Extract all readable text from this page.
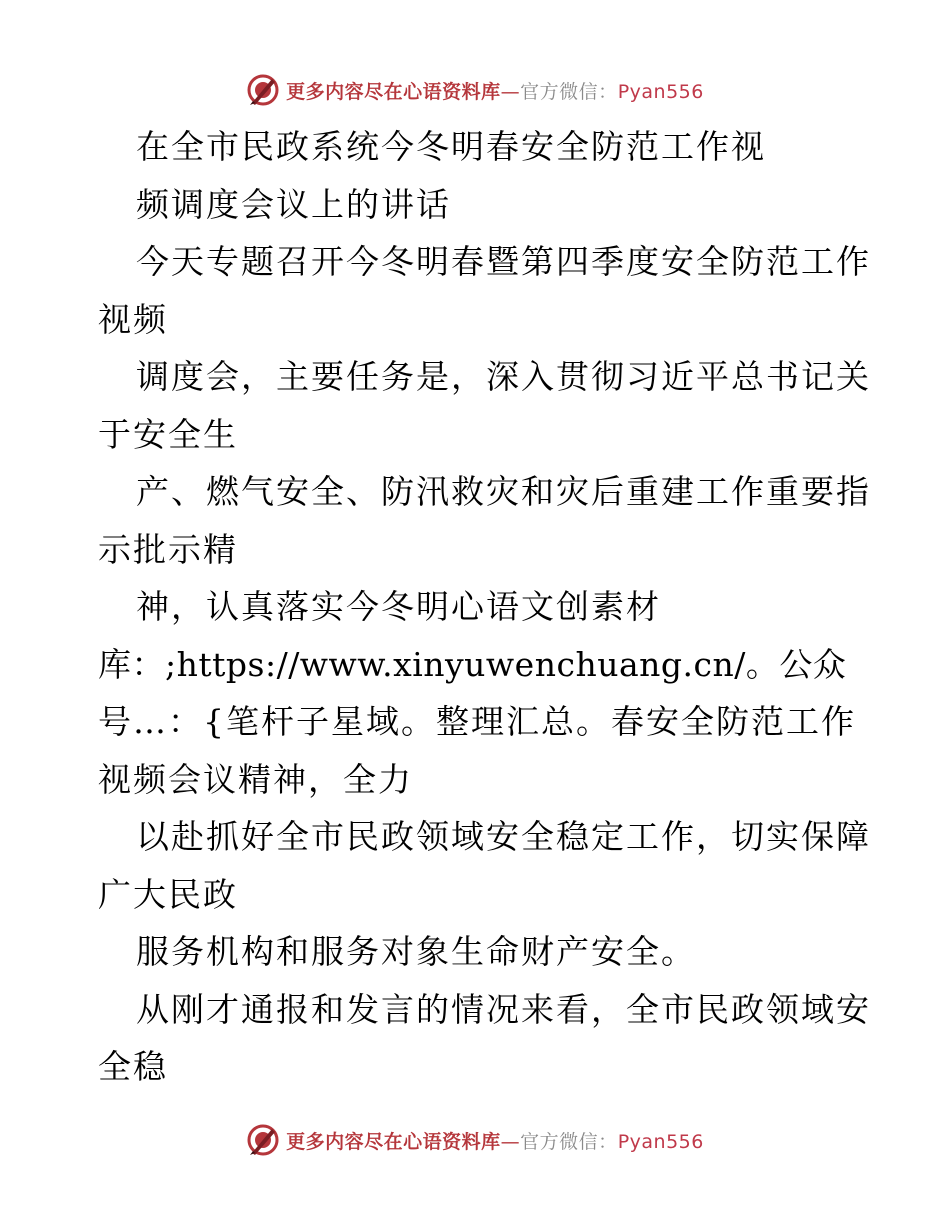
更多内容尽在心语资料库—官方微信：Pyan556
在全市民政系统今冬明春安全防范工作视
频调度会议上的讲话
今天专题召开今冬明春暨第四季度安全防范工作
视频
调度会，主要任务是，深入贯彻习近平总书记关
于安全生
产、燃气安全、防汛救灾和灾后重建工作重要指
示批示精
神，认真落实今冬明心语文创素材
库：;https://www.xinyuwenchuang.cn/。公众
号…：{笔杆子星域。整理汇总。春安全防范工作
视频会议精神，全力
以赴抓好全市民政领域安全稳定工作，切实保障
广大民政
服务机构和服务对象生命财产安全。
从刚才通报和发言的情况来看，全市民政领域安
全稳
更多内容尽在心语资料库—官方微信：Pyan556
